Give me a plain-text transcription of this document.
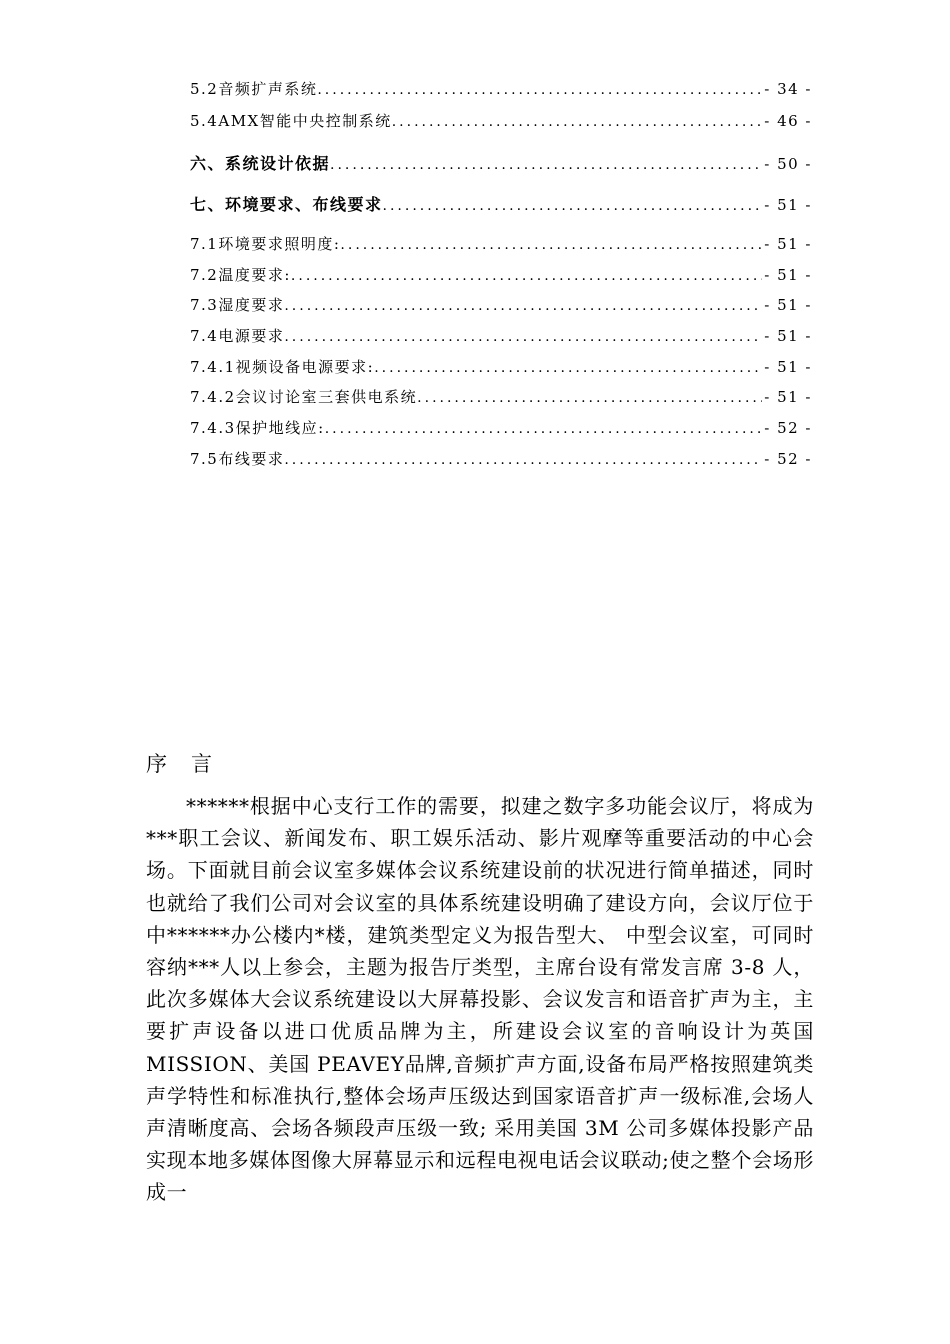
5.2音频扩声系统 .....	- 34 -
5.4AMX智能中央控制系统 .....	- 46 -
六、系统设计依据 .....	- 50 -
七、环境要求、布线要求 .....	- 51 -
7.1环境要求照明度: .....	- 51 -
7.2温度要求: .....	- 51 -
7.3湿度要求 .....	- 51 -
7.4电源要求 .....	- 51 -
7.4.1视频设备电源要求: .....	- 51 -
7.4.2会议讨论室三套供电系统 .....	- 51 -
7.4.3保护地线应: .....	- 52 -
7.5布线要求 .....	- 52 -
序言

******根据中心支行工作的需要，拟建之数字多功能会议厅，将成为***职工会议、新闻发布、职工娱乐活动、影片观摩等重要活动的中心会场。下面就目前会议室多媒体会议系统建设前的状况进行简单描述，同时也就给了我们公司对会议室的具体系统建设明确了建设方向，会议厅位于中******办公楼内*楼，建筑类型定义为报告型大、 中型会议室，可同时容纳***人以上参会，主题为报告厅类型，主席台设有常发言席 3-8 人，此次多媒体大会议系统建设以大屏幕投影、会议发言和语音扩声为主，主要扩声设备以进口优质品牌为主，所建设会议室的音响设计为英国 MISSION、美国 PEAVEY品牌,音频扩声方面,设备布局严格按照建筑类声学特性和标准执行,整体会场声压级达到国家语音扩声一级标准,会场人声清晰度高、会场各频段声压级一致; 采用美国 3M 公司多媒体投影产品实现本地多媒体图像大屏幕显示和远程电视电话会议联动;使之整个会场形成一
